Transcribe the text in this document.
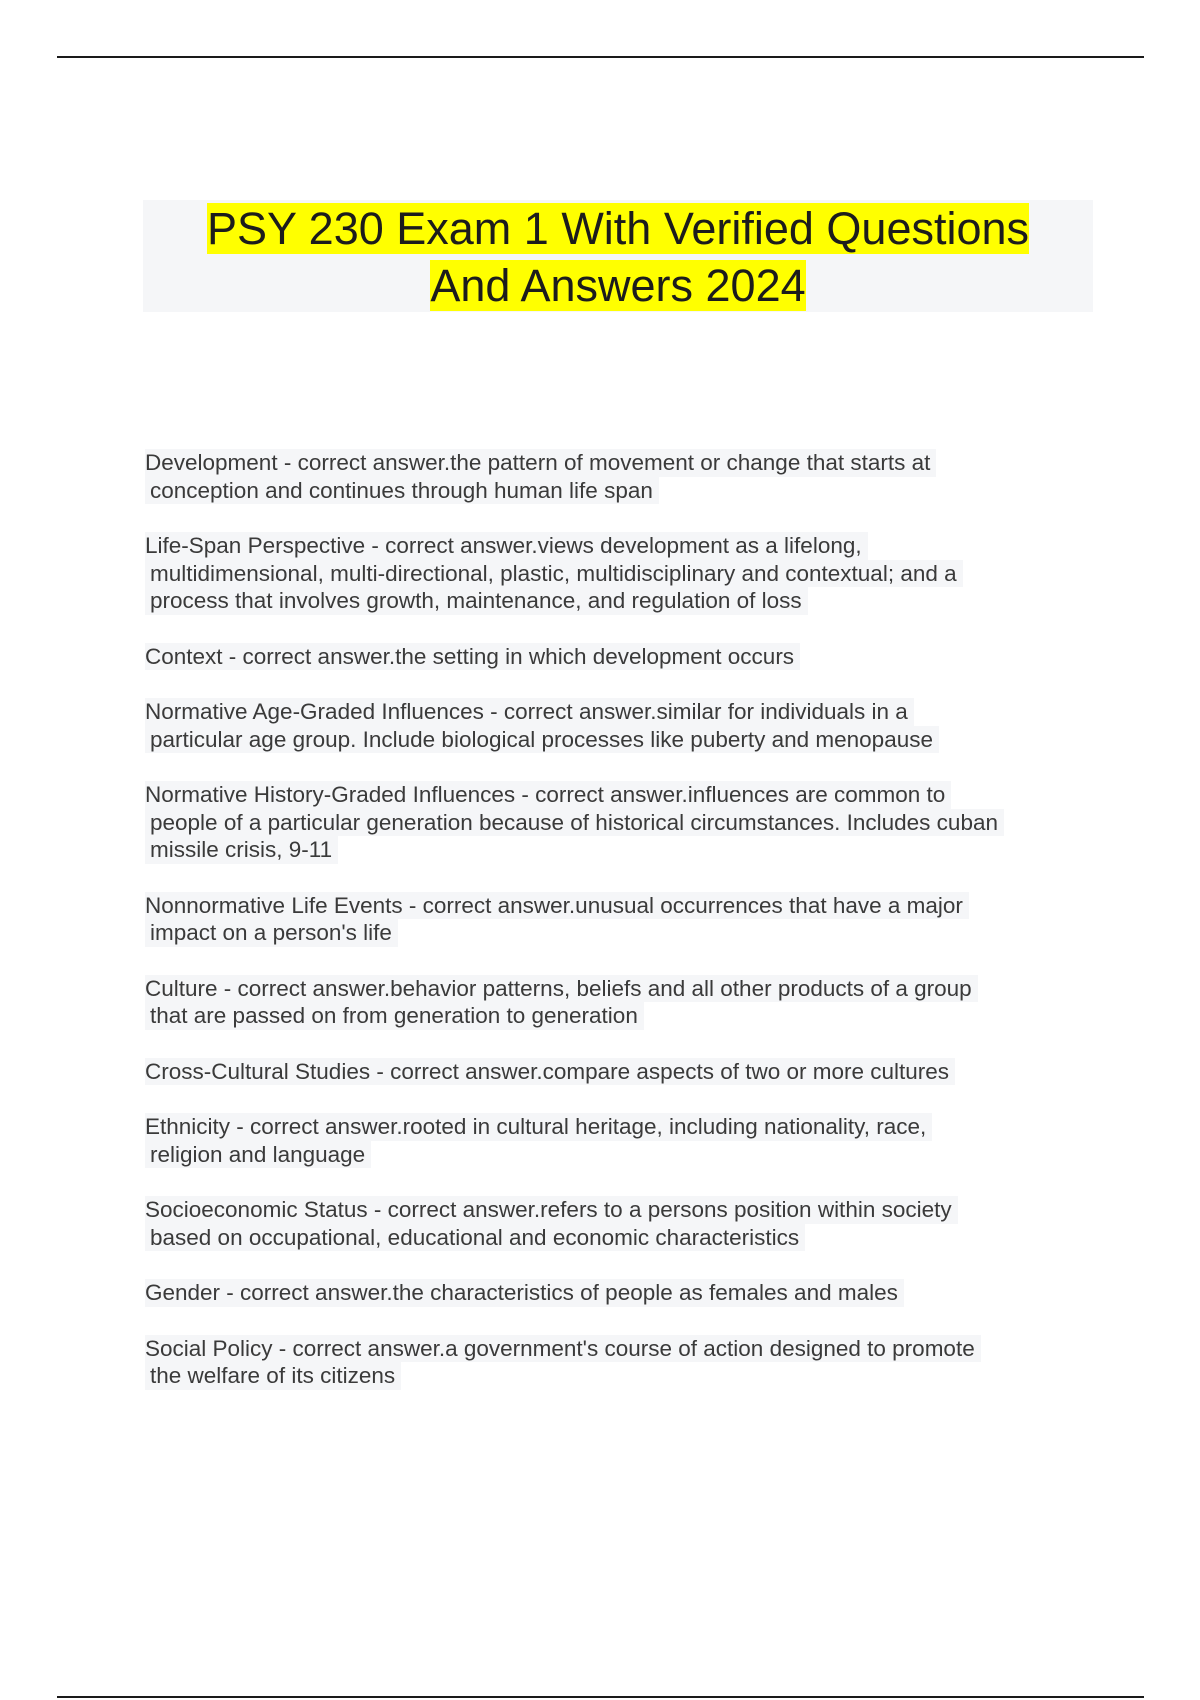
PSY 230 Exam 1 With Verified Questions
And Answers 2024
Development - correct answer.the pattern of movement or change that starts at
conception and continues through human life span

Life-Span Perspective - correct answer.views development as a lifelong,
multidimensional, multi-directional, plastic, multidisciplinary and contextual; and a
process that involves growth, maintenance, and regulation of loss

Context - correct answer.the setting in which development occurs

Normative Age-Graded Influences - correct answer.similar for individuals in a
particular age group. Include biological processes like puberty and menopause

Normative History-Graded Influences - correct answer.influences are common to
people of a particular generation because of historical circumstances. Includes cuban
missile crisis, 9-11

Nonnormative Life Events - correct answer.unusual occurrences that have a major
impact on a person's life

Culture - correct answer.behavior patterns, beliefs and all other products of a group
that are passed on from generation to generation

Cross-Cultural Studies - correct answer.compare aspects of two or more cultures

Ethnicity - correct answer.rooted in cultural heritage, including nationality, race,
religion and language

Socioeconomic Status - correct answer.refers to a persons position within society
based on occupational, educational and economic characteristics

Gender - correct answer.the characteristics of people as females and males

Social Policy - correct answer.a government's course of action designed to promote
the welfare of its citizens
